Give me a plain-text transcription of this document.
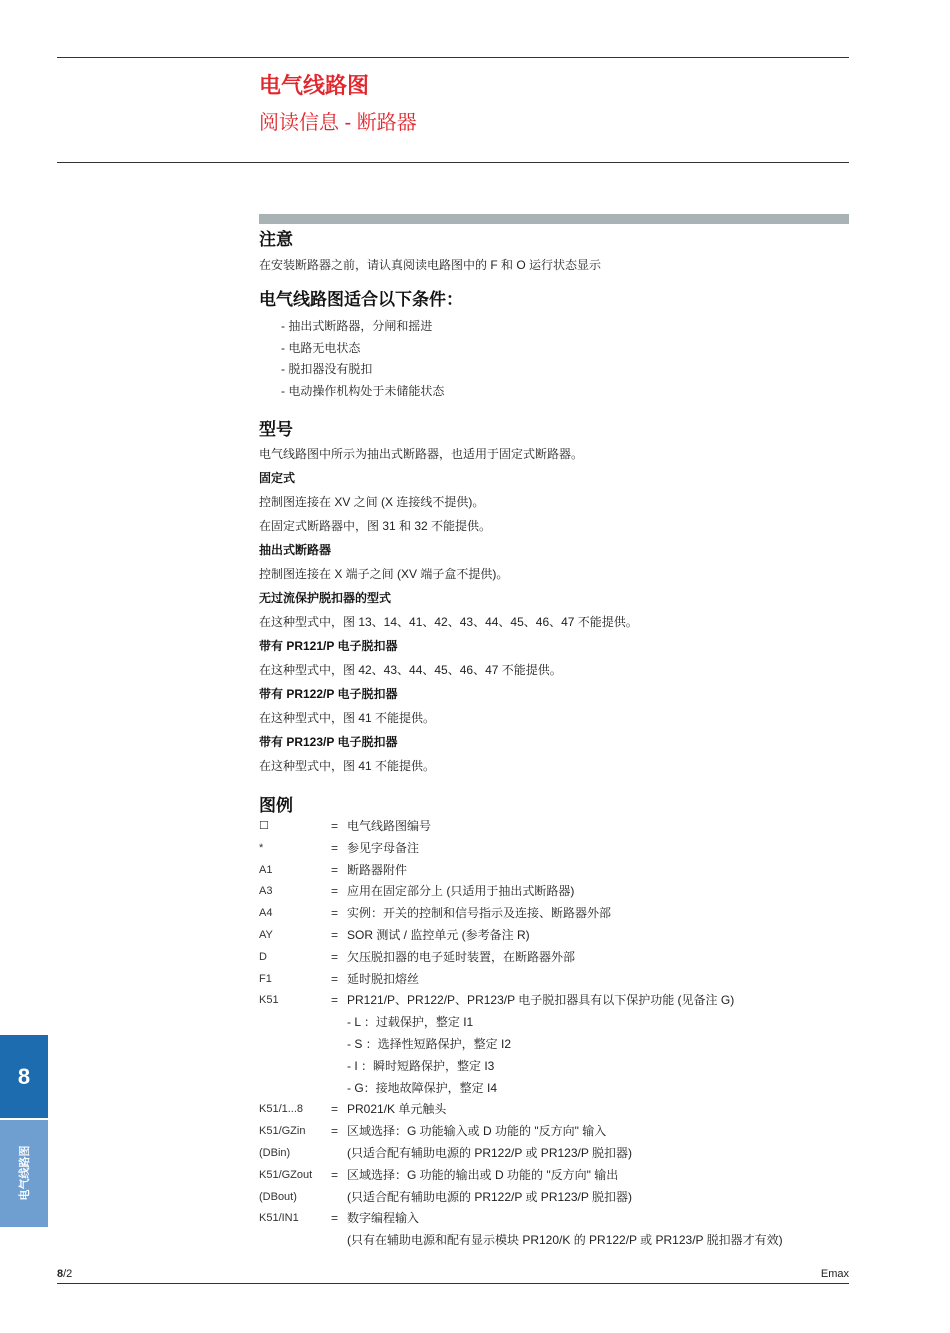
电气线路图
阅读信息 - 断路器
注意

在安装断路器之前，请认真阅读电路图中的 F 和 O 运行状态显示

电气线路图适合以下条件：
- 抽出式断路器，分闸和摇进
- 电路无电状态
- 脱扣器没有脱扣
- 电动操作机构处于未储能状态
型号

电气线路图中所示为抽出式断路器，也适用于固定式断路器。

固定式

控制图连接在 XV 之间 (X 连接线不提供)。

在固定式断路器中，图 31 和 32 不能提供。

抽出式断路器

控制图连接在 X 端子之间 (XV 端子盒不提供)。

无过流保护脱扣器的型式

在这种型式中，图 13、14、41、42、43、44、45、46、47 不能提供。

带有 PR121/P 电子脱扣器

在这种型式中，图 42、43、44、45、46、47 不能提供。

带有 PR122/P 电子脱扣器

在这种型式中，图 41 不能提供。

带有 PR123/P 电子脱扣器

在这种型式中，图 41 不能提供。

图例
☐	= 电气线路图编号
*	= 参见字母备注
A1	= 断路器附件
A3	= 应用在固定部分上 (只适用于抽出式断路器)
A4	= 实例：开关的控制和信号指示及连接、断路器外部
AY	= SOR 测试 / 监控单元 (参考备注 R)
D	= 欠压脱扣器的电子延时装置，在断路器外部
F1	= 延时脱扣熔丝
K51	= PR121/P、PR122/P、PR123/P 电子脱扣器具有以下保护功能 (见备注 G)
- L ：过载保护，整定 I1
- S ：选择性短路保护，整定 I2
- I ：瞬时短路保护，整定 I3
- G：接地故障保护，整定 I4
K51/1...8 = PR021/K 单元触头
K51/GZin = 区域选择：G 功能输入或 D 功能的 "反方向" 输入
(DBin)	(只适合配有辅助电源的 PR122/P 或 PR123/P 脱扣器)
K51/GZout = 区域选择：G 功能的输出或 D 功能的 "反方向" 输出
(DBout)	(只适合配有辅助电源的 PR122/P 或 PR123/P 脱扣器)
K51/IN1	= 数字编程输入
(只有在辅助电源和配有显示模块 PR120/K 的 PR122/P 或 PR123/P 脱扣器才有效)
8
电气线路图
8/2	Emax
